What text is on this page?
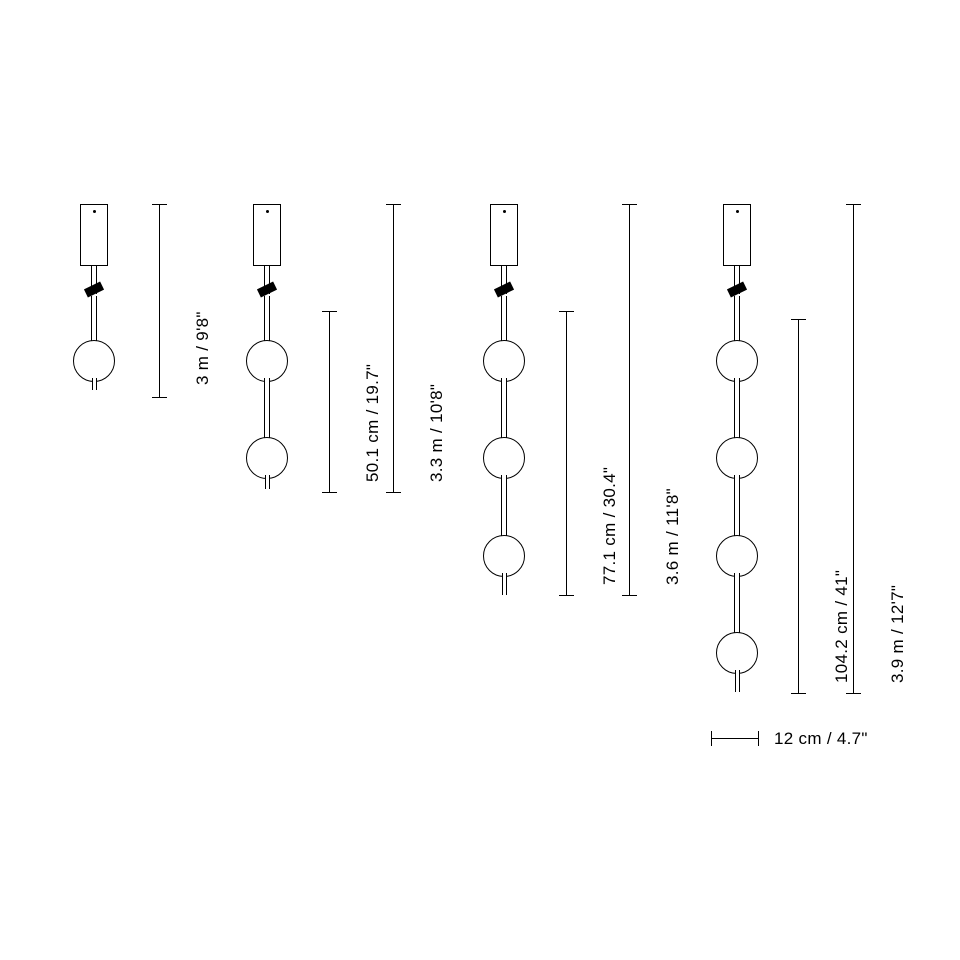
3 m / 9'8"
50.1 cm / 19.7"	3.3 m / 10'8"
77.1 cm / 30.4"	3.6 m / 11'8"
104.2 cm / 41" 3.9 m / 12'7"
12 cm / 4.7"
